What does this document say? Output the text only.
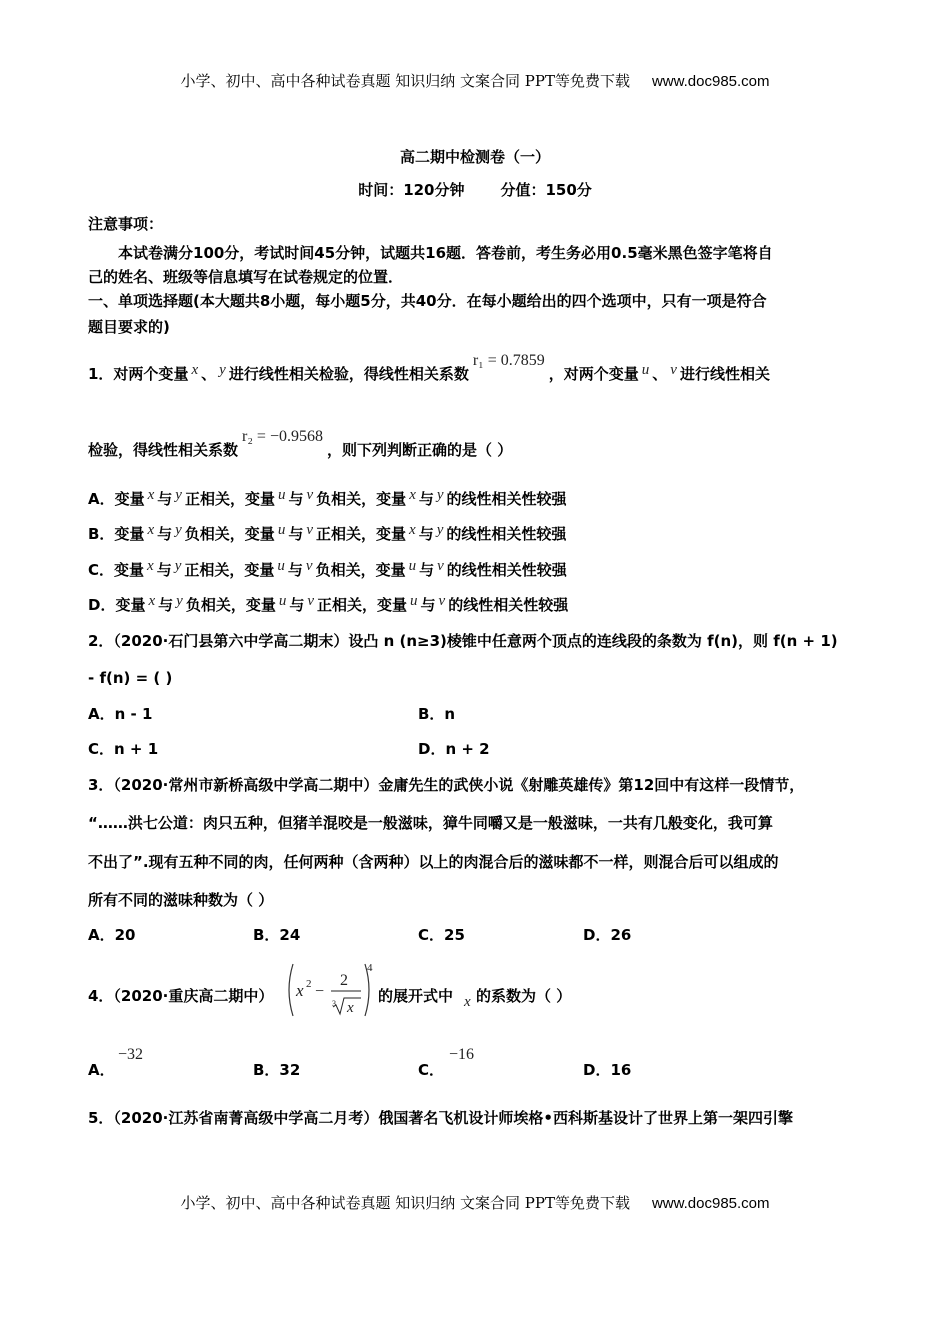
小学、初中、高中各种试卷真题 知识归纳 文案合同 PPT等免费下载 www.doc985.com
高二期中检测卷（一）
时间：120分钟 分值：150分
注意事项：
本试卷满分100分，考试时间45分钟，试题共16题．答卷前，考生务必用0.5毫米黑色签字笔将自
己的姓名、班级等信息填写在试卷规定的位置．
一、单项选择题(本大题共8小题，每小题5分，共40分．在每小题给出的四个选项中，只有一项是符合
题目要求的)
1．对两个变量 x 、 y 进行线性相关检验，得线性相关系数r₁ = 0.7859，对两个变量 u 、 v 进行线性相关
检验，得线性相关系数r₂ = −0.9568，则下列判断正确的是（ ）
A．变量 x 与 y 正相关，变量 u 与 v 负相关，变量 x 与 y 的线性相关性较强
B．变量 x 与 y 负相关，变量 u 与 v 正相关，变量 x 与 y 的线性相关性较强
C．变量 x 与 y 正相关，变量 u 与 v 负相关，变量 u 与 v 的线性相关性较强
D．变量 x 与 y 负相关，变量 u 与 v 正相关，变量 u 与 v 的线性相关性较强
2．（2020·石门县第六中学高二期末）设凸 n (n≥3)棱锥中任意两个顶点的连线段的条数为 f(n)，则 f(n + 1)
- f(n) = ( )
A．n - 1	B．n
C．n + 1	D．n + 2
3．（2020·常州市新桥高级中学高二期中）金庸先生的武侠小说《射雕英雄传》第12回中有这样一段情节，
“……洪七公道：肉只五种，但猪羊混咬是一般滋味，獐牛同嚼又是一般滋味，一共有几般变化，我可算
不出了”.现有五种不同的肉，任何两种（含两种）以上的肉混合后的滋味都不一样，则混合后可以组成的
所有不同的滋味种数为（ ）
A．20	B．24	C．25	D．26
4．（2020·重庆高二期中） x 2 −
2
3 x
4
的展开式中 x 的系数为（ ）
A．
−32
B．32	C．
−16
D．16
5．（2020·江苏省南菁高级中学高二月考）俄国著名飞机设计师埃格•西科斯基设计了世界上第一架四引擎
小学、初中、高中各种试卷真题 知识归纳 文案合同 PPT等免费下载 www.doc985.com
